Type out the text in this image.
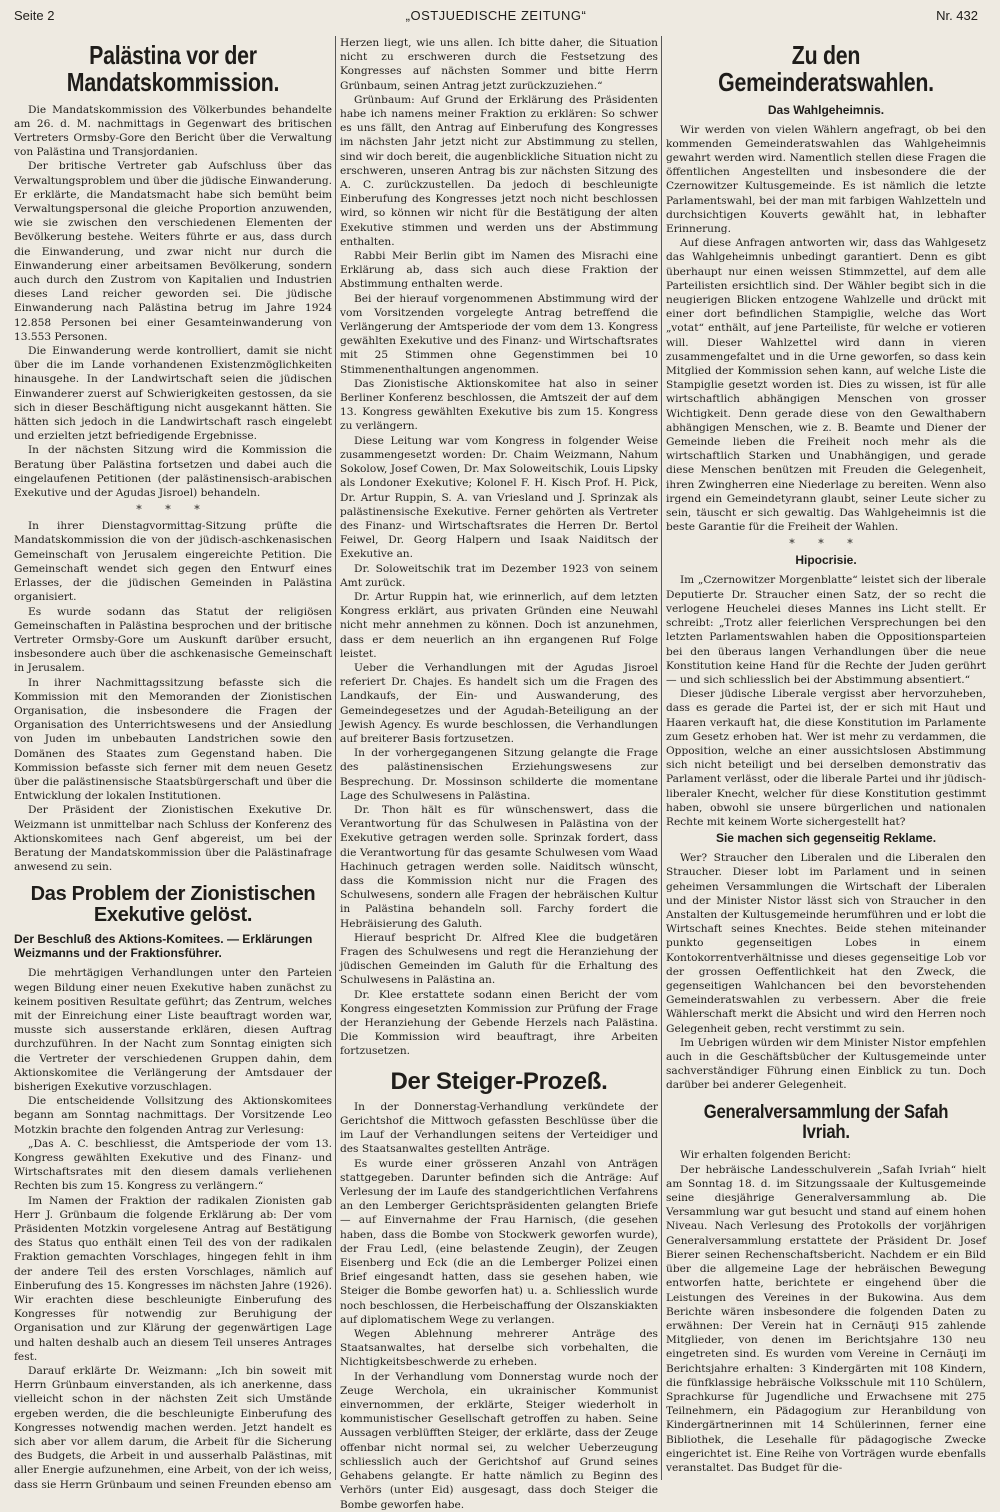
Seite 2	„OSTJUEDISCHE ZEITUNG“	Nr. 432
Palästina vor der Mandatskommission.

Die Mandatskommission des Völkerbundes behandelte am 26. d. M. nachmittags in Gegenwart des britischen Vertreters Ormsby-Gore den Bericht über die Verwaltung von Palästina und Transjordanien.

Der britische Vertreter gab Aufschluss über das Verwaltungsproblem und über die jüdische Einwanderung. Er erklärte, die Mandatsmacht habe sich bemüht beim Verwaltungspersonal die gleiche Proportion anzuwenden, wie sie zwischen den verschiedenen Elementen der Bevölkerung bestehe. Weiters führte er aus, dass durch die Einwanderung, und zwar nicht nur durch die Einwanderung einer arbeitsamen Bevölkerung, sondern auch durch den Zustrom von Kapitalien und Industrien dieses Land reicher geworden sei. Die jüdische Einwanderung nach Palästina betrug im Jahre 1924 12.858 Personen bei einer Gesamteinwanderung von 13.553 Personen.

Die Einwanderung werde kontrolliert, damit sie nicht über die im Lande vorhandenen Existenzmöglichkeiten hinausgehe. In der Landwirtschaft seien die jüdischen Einwanderer zuerst auf Schwierigkeiten gestossen, da sie sich in dieser Beschäftigung nicht ausgekannt hätten. Sie hätten sich jedoch in die Landwirtschaft rasch eingelebt und erzielten jetzt befriedigende Ergebnisse.

In der nächsten Sitzung wird die Kommission die Beratung über Palästina fortsetzen und dabei auch die eingelaufenen Petitionen (der palästinensisch-arabischen Exekutive und der Agudas Jisroel) behandeln.

* * *

In ihrer Dienstagvormittag-Sitzung prüfte die Mandatskommission die von der jüdisch-aschkenasischen Gemeinschaft von Jerusalem eingereichte Petition. Die Gemeinschaft wendet sich gegen den Entwurf eines Erlasses, der die jüdischen Gemeinden in Palästina organisiert.

Es wurde sodann das Statut der religiösen Gemeinschaften in Palästina besprochen und der britische Vertreter Ormsby-Gore um Auskunft darüber ersucht, insbesondere auch über die aschkenasische Gemeinschaft in Jerusalem.

In ihrer Nachmittagssitzung befasste sich die Kommission mit den Memoranden der Zionistischen Organisation, die insbesondere die Fragen der Organisation des Unterrichtswesens und der Ansiedlung von Juden im unbebauten Landstrichen sowie den Domänen des Staates zum Gegenstand haben. Die Kommission befasste sich ferner mit dem neuen Gesetz über die palästinensische Staatsbürgerschaft und über die Entwicklung der lokalen Institutionen.

Der Präsident der Zionistischen Exekutive Dr. Weizmann ist unmittelbar nach Schluss der Konferenz des Aktionskomitees nach Genf abgereist, um bei der Beratung der Mandatskommission über die Palästinafrage anwesend zu sein.

Das Problem der Zionistischen Exekutive gelöst.
Der Beschluß des Aktions-Komitees. — Erklärungen Weizmanns und der Fraktionsführer.

Die mehrtägigen Verhandlungen unter den Parteien wegen Bildung einer neuen Exekutive haben zunächst zu keinem positiven Resultate geführt; das Zentrum, welches mit der Einreichung einer Liste beauftragt worden war, musste sich ausserstande erklären, diesen Auftrag durchzuführen. In der Nacht zum Sonntag einigten sich die Vertreter der verschiedenen Gruppen dahin, dem Aktionskomitee die Verlängerung der Amtsdauer der bisherigen Exekutive vorzuschlagen.

Die entscheidende Vollsitzung des Aktionskomitees begann am Sonntag nachmittags. Der Vorsitzende Leo Motzkin brachte den folgenden Antrag zur Verlesung:

„Das A. C. beschliesst, die Amtsperiode der vom 13. Kongress gewählten Exekutive und des Finanz- und Wirtschaftsrates mit den diesem damals verliehenen Rechten bis zum 15. Kongress zu verlängern.“

Im Namen der Fraktion der radikalen Zionisten gab Herr J. Grünbaum die folgende Erklärung ab: Der vom Präsidenten Motzkin vorgelesene Antrag auf Bestätigung des Status quo enthält einen Teil des von der radikalen Fraktion gemachten Vorschlages, hingegen fehlt in ihm der andere Teil des ersten Vorschlages, nämlich auf Einberufung des 15. Kongresses im nächsten Jahre (1926). Wir erachten diese beschleunigte Einberufung des Kongresses für notwendig zur Beruhigung der Organisation und zur Klärung der gegenwärtigen Lage und halten deshalb auch an diesem Teil unseres Antrages fest.

Darauf erklärte Dr. Weizmann: „Ich bin soweit mit Herrn Grünbaum einverstanden, als ich anerkenne, dass vielleicht schon in der nächsten Zeit sich Umstände ergeben werden, die die beschleunigte Einberufung des Kongresses notwendig machen werden. Jetzt handelt es sich aber vor allem darum, die Arbeit für die Sicherung des Budgets, die Arbeit in und ausserhalb Palästinas, mit aller Energie aufzunehmen, eine Arbeit, von der ich weiss, dass sie Herrn Grünbaum und seinen Freunden ebenso am

Herzen liegt, wie uns allen. Ich bitte daher, die Situation nicht zu erschweren durch die Festsetzung des Kongresses auf nächsten Sommer und bitte Herrn Grünbaum, seinen Antrag jetzt zurückzuziehen.“

Grünbaum: Auf Grund der Erklärung des Präsidenten habe ich namens meiner Fraktion zu erklären: So schwer es uns fällt, den Antrag auf Einberufung des Kongresses im nächsten Jahr jetzt nicht zur Abstimmung zu stellen, sind wir doch bereit, die augenblickliche Situation nicht zu erschweren, unseren Antrag bis zur nächsten Sitzung des A. C. zurückzustellen. Da jedoch di beschleunigte Einberufung des Kongresses jetzt noch nicht beschlossen wird, so können wir nicht für die Bestätigung der alten Exekutive stimmen und werden uns der Abstimmung enthalten.

Rabbi Meir Berlin gibt im Namen des Misrachi eine Erklärung ab, dass sich auch diese Fraktion der Abstimmung enthalten werde.

Bei der hierauf vorgenommenen Abstimmung wird der vom Vorsitzenden vorgelegte Antrag betreffend die Verlängerung der Amtsperiode der vom dem 13. Kongress gewählten Exekutive und des Finanz- und Wirtschaftsrates mit 25 Stimmen ohne Gegenstimmen bei 10 Stimmenenthaltungen angenommen.

Das Zionistische Aktionskomitee hat also in seiner Berliner Konferenz beschlossen, die Amtszeit der auf dem 13. Kongress gewählten Exekutive bis zum 15. Kongress zu verlängern.

Diese Leitung war vom Kongress in folgender Weise zusammengesetzt worden: Dr. Chaim Weizmann, Nahum Sokolow, Josef Cowen, Dr. Max Soloweitschik, Louis Lipsky als Londoner Exekutive; Kolonel F. H. Kisch Prof. H. Pick, Dr. Artur Ruppin, S. A. van Vriesland und J. Sprinzak als palästinensische Exekutive. Ferner gehörten als Vertreter des Finanz- und Wirtschaftsrates die Herren Dr. Bertol Feiwel, Dr. Georg Halpern und Isaak Naiditsch der Exekutive an.

Dr. Soloweitschik trat im Dezember 1923 von seinem Amt zurück.

Dr. Artur Ruppin hat, wie erinnerlich, auf dem letzten Kongress erklärt, aus privaten Gründen eine Neuwahl nicht mehr annehmen zu können. Doch ist anzunehmen, dass er dem neuerlich an ihn ergangenen Ruf Folge leistet.

Ueber die Verhandlungen mit der Agudas Jisroel referiert Dr. Chajes. Es handelt sich um die Fragen des Landkaufs, der Ein- und Auswanderung, des Gemeindegesetzes und der Agudah-Beteiligung an der Jewish Agency. Es wurde beschlossen, die Verhandlungen auf breiterer Basis fortzusetzen.

In der vorhergegangenen Sitzung gelangte die Frage des palästinensischen Erziehungswesens zur Besprechung. Dr. Mossinson schilderte die momentane Lage des Schulwesens in Palästina.

Dr. Thon hält es für wünschenswert, dass die Verantwortung für das Schulwesen in Palästina von der Exekutive getragen werden solle. Sprinzak fordert, dass die Verantwortung für das gesamte Schulwesen vom Waad Hachinuch getragen werden solle. Naiditsch wünscht, dass die Kommission nicht nur die Fragen des Schulwesens, sondern alle Fragen der hebräischen Kultur in Palästina behandeln soll. Farchy fordert die Hebräisierung des Galuth.

Hierauf bespricht Dr. Alfred Klee die budgetären Fragen des Schulwesens und regt die Heranziehung der jüdischen Gemeinden im Galuth für die Erhaltung des Schulwesens in Palästina an.

Dr. Klee erstattete sodann einen Bericht der vom Kongress eingesetzten Kommission zur Prüfung der Frage der Heranziehung der Gebende Herzels nach Palästina. Die Kommission wird beauftragt, ihre Arbeiten fortzusetzen.

Der Steiger-Prozeß.

In der Donnerstag-Verhandlung verkündete der Gerichtshof die Mittwoch gefassten Beschlüsse über die im Lauf der Verhandlungen seitens der Verteidiger und des Staatsanwaltes gestellten Anträge.

Es wurde einer grösseren Anzahl von Anträgen stattgegeben. Darunter befinden sich die Anträge: Auf Verlesung der im Laufe des standgerichtlichen Verfahrens an den Lemberger Gerichtspräsidenten gelangten Briefe — auf Einvernahme der Frau Harnisch, (die gesehen haben, dass die Bombe von Stockwerk geworfen wurde), der Frau Ledl, (eine belastende Zeugin), der Zeugen Eisenberg und Eck (die an die Lemberger Polizei einen Brief eingesandt hatten, dass sie gesehen haben, wie Steiger die Bombe geworfen hat) u. a. Schliesslich wurde noch beschlossen, die Herbeischaffung der Olszanskiakten auf diplomatischem Wege zu verlangen.

Wegen Ablehnung mehrerer Anträge des Staatsanwaltes, hat derselbe sich vorbehalten, die Nichtigkeitsbeschwerde zu erheben.

In der Verhandlung vom Donnerstag wurde noch der Zeuge Werchola, ein ukrainischer Kommunist einvernommen, der erklärte, Steiger wiederholt in kommunistischer Gesellschaft getroffen zu haben. Seine Aussagen verblüfften Steiger, der erklärte, dass der Zeuge offenbar nicht normal sei, zu welcher Ueberzeugung schliesslich auch der Gerichtshof auf Grund seines Gehabens gelangte. Er hatte nämlich zu Beginn des Verhörs (unter Eid) ausgesagt, dass doch Steiger die Bombe geworfen habe.

Zu den Gemeinderatswahlen.
Das Wahlgeheimnis.

Wir werden von vielen Wählern angefragt, ob bei den kommenden Gemeinderatswahlen das Wahlgeheimnis gewahrt werden wird. Namentlich stellen diese Fragen die öffentlichen Angestellten und insbesondere die der Czernowitzer Kultusgemeinde. Es ist nämlich die letzte Parlamentswahl, bei der man mit farbigen Wahlzetteln und durchsichtigen Kouverts gewählt hat, in lebhafter Erinnerung.

Auf diese Anfragen antworten wir, dass das Wahlgesetz das Wahlgeheimnis unbedingt garantiert. Denn es gibt überhaupt nur einen weissen Stimmzettel, auf dem alle Parteilisten ersichtlich sind. Der Wähler begibt sich in die neugierigen Blicken entzogene Wahlzelle und drückt mit einer dort befindlichen Stampiglie, welche das Wort „votat“ enthält, auf jene Parteiliste, für welche er votieren will. Dieser Wahlzettel wird dann in vieren zusammengefaltet und in die Urne geworfen, so dass kein Mitglied der Kommission sehen kann, auf welche Liste die Stampiglie gesetzt worden ist. Dies zu wissen, ist für alle wirtschaftlich abhängigen Menschen von grosser Wichtigkeit. Denn gerade diese von den Gewalthabern abhängigen Menschen, wie z. B. Beamte und Diener der Gemeinde lieben die Freiheit noch mehr als die wirtschaftlich Starken und Unabhängigen, und gerade diese Menschen benützen mit Freuden die Gelegenheit, ihren Zwingherren eine Niederlage zu bereiten. Wenn also irgend ein Gemeindetyrann glaubt, seiner Leute sicher zu sein, täuscht er sich gewaltig. Das Wahlgeheimnis ist die beste Garantie für die Freiheit der Wahlen.

* * *
Hipocrisie.

Im „Czernowitzer Morgenblatte“ leistet sich der liberale Deputierte Dr. Straucher einen Satz, der so recht die verlogene Heuchelei dieses Mannes ins Licht stellt. Er schreibt: „Trotz aller feierlichen Versprechungen bei den letzten Parlamentswahlen haben die Oppositionsparteien bei den überaus langen Verhandlungen über die neue Konstitution keine Hand für die Rechte der Juden gerührt — und sich schliesslich bei der Abstimmung absentiert.“

Dieser jüdische Liberale vergisst aber hervorzuheben, dass es gerade die Partei ist, der er sich mit Haut und Haaren verkauft hat, die diese Konstitution im Parlamente zum Gesetz erhoben hat. Wer ist mehr zu verdammen, die Opposition, welche an einer aussichtslosen Abstimmung sich nicht beteiligt und bei derselben demonstrativ das Parlament verlässt, oder die liberale Partei und ihr jüdisch-liberaler Knecht, welcher für diese Konstitution gestimmt haben, obwohl sie unsere bürgerlichen und nationalen Rechte mit keinem Worte sichergestellt hat?

Sie machen sich gegenseitig Reklame.

Wer? Straucher den Liberalen und die Liberalen den Straucher. Dieser lobt im Parlament und in seinen geheimen Versammlungen die Wirtschaft der Liberalen und der Minister Nistor lässt sich von Straucher in den Anstalten der Kultusgemeinde herumführen und er lobt die Wirtschaft seines Knechtes. Beide stehen miteinander punkto gegenseitigen Lobes in einem Kontokorrentverhältnisse und dieses gegenseitige Lob vor der grossen Oeffentlichkeit hat den Zweck, die gegenseitigen Wahlchancen bei den bevorstehenden Gemeinderatswahlen zu verbessern. Aber die freie Wählerschaft merkt die Absicht und wird den Herren noch Gelegenheit geben, recht verstimmt zu sein.

Im Uebrigen würden wir dem Minister Nistor empfehlen auch in die Geschäftsbücher der Kultusgemeinde unter sachverständiger Führung einen Einblick zu tun. Doch darüber bei anderer Gelegenheit.

Generalversammlung der Safah Ivriah.

Wir erhalten folgenden Bericht:

Der hebräische Landesschulverein „Safah Ivriah“ hielt am Sonntag 18. d. im Sitzungssaale der Kultusgemeinde seine diesjährige Generalversammlung ab. Die Versammlung war gut besucht und stand auf einem hohen Niveau. Nach Verlesung des Protokolls der vorjährigen Generalversammlung erstattete der Präsident Dr. Josef Bierer seinen Rechenschaftsbericht. Nachdem er ein Bild über die allgemeine Lage der hebräischen Bewegung entworfen hatte, berichtete er eingehend über die Leistungen des Vereines in der Bukowina. Aus dem Berichte wären insbesondere die folgenden Daten zu erwähnen: Der Verein hat in Cernăuţi 915 zahlende Mitglieder, von denen im Berichtsjahre 130 neu eingetreten sind. Es wurden vom Vereine in Cernăuţi im Berichtsjahre erhalten: 3 Kindergärten mit 108 Kindern, die fünfklassige hebräische Volksschule mit 110 Schülern, Sprachkurse für Jugendliche und Erwachsene mit 275 Teilnehmern, ein Pädagogium zur Heranbildung von Kindergärtnerinnen mit 14 Schülerinnen, ferner eine Bibliothek, die Lesehalle für pädagogische Zwecke eingerichtet ist. Eine Reihe von Vorträgen wurde ebenfalls veranstaltet. Das Budget für die-
